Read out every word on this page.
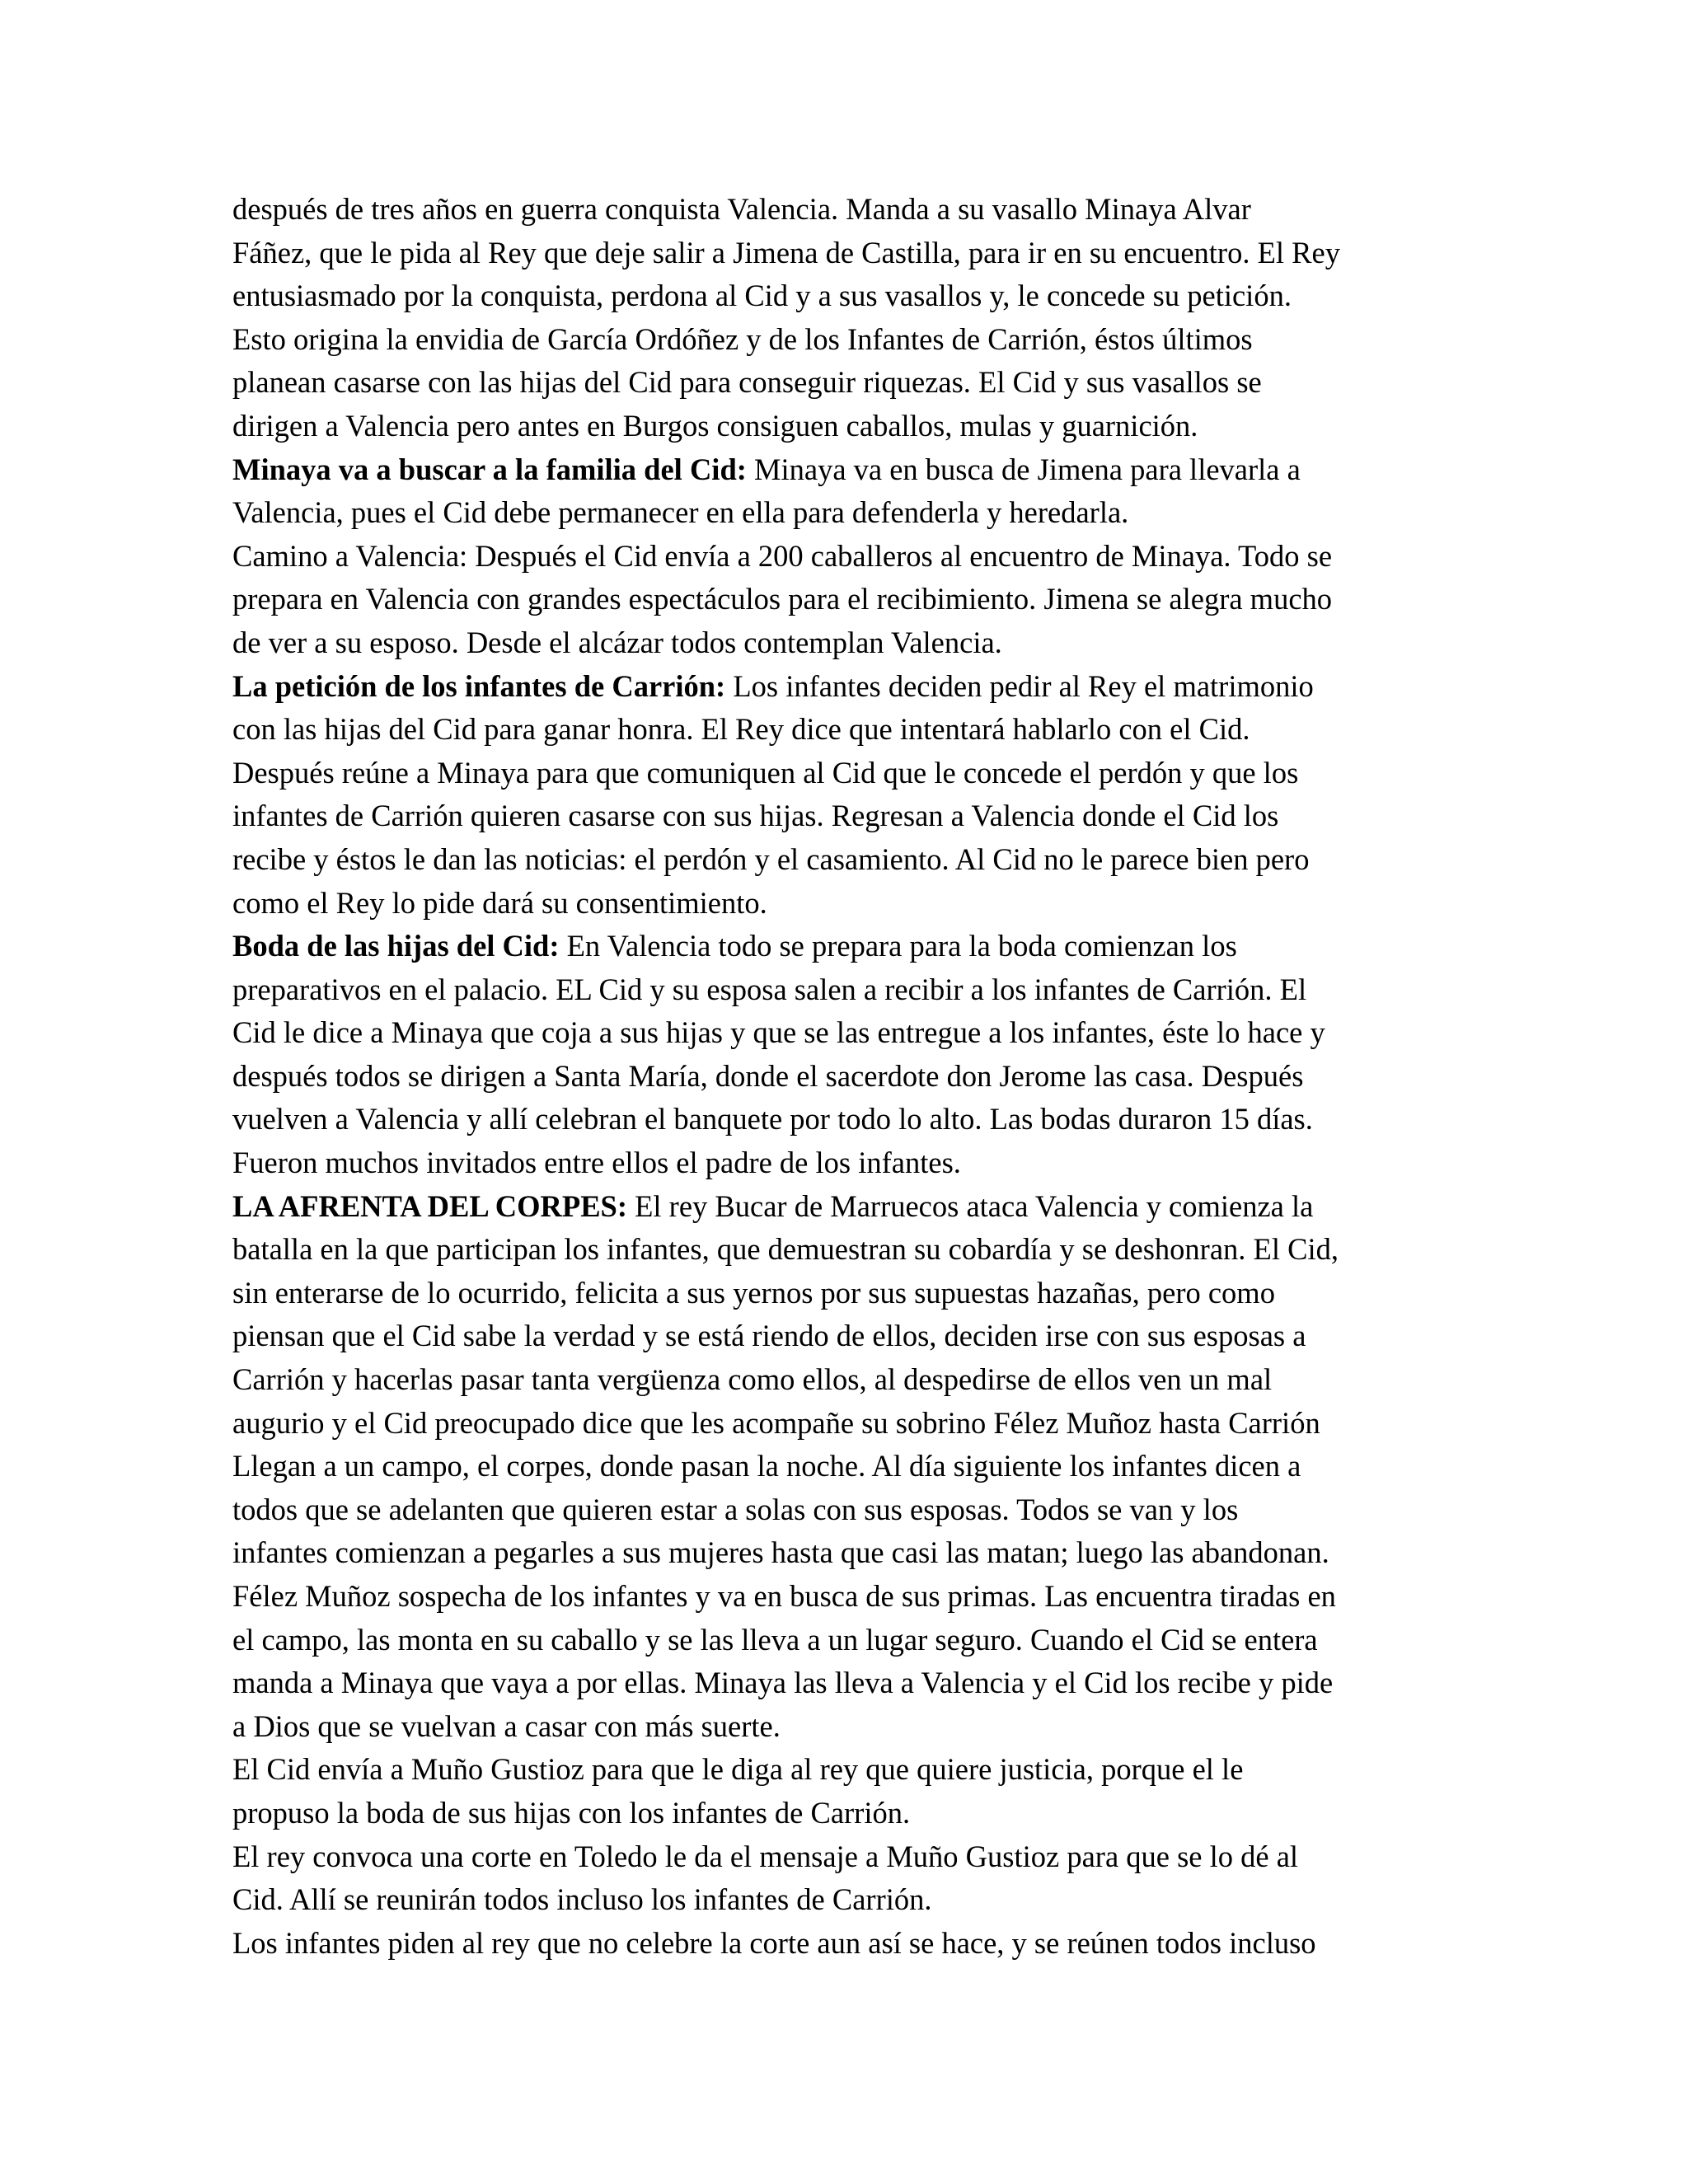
después de tres años en guerra conquista Valencia. Manda a su vasallo Minaya Alvar
Fáñez, que le pida al Rey que deje salir a Jimena de Castilla, para ir en su encuentro. El Rey
entusiasmado por la conquista, perdona al Cid y a sus vasallos y, le concede su petición.
Esto origina la envidia de García Ordóñez y de los Infantes de Carrión, éstos últimos
planean casarse con las hijas del Cid para conseguir riquezas. El Cid y sus vasallos se
dirigen a Valencia pero antes en Burgos consiguen caballos, mulas y guarnición.
Minaya va a buscar a la familia del Cid: Minaya va en busca de Jimena para llevarla a
Valencia, pues el Cid debe permanecer en ella para defenderla y heredarla.
Camino a Valencia: Después el Cid envía a 200 caballeros al encuentro de Minaya. Todo se
prepara en Valencia con grandes espectáculos para el recibimiento. Jimena se alegra mucho
de ver a su esposo. Desde el alcázar todos contemplan Valencia.
La petición de los infantes de Carrión: Los infantes deciden pedir al Rey el matrimonio
con las hijas del Cid para ganar honra. El Rey dice que intentará hablarlo con el Cid.
Después reúne a Minaya para que comuniquen al Cid que le concede el perdón y que los
infantes de Carrión quieren casarse con sus hijas. Regresan a Valencia donde el Cid los
recibe y éstos le dan las noticias: el perdón y el casamiento. Al Cid no le parece bien pero
como el Rey lo pide dará su consentimiento.
Boda de las hijas del Cid: En Valencia todo se prepara para la boda comienzan los
preparativos en el palacio. EL Cid y su esposa salen a recibir a los infantes de Carrión. El
Cid le dice a Minaya que coja a sus hijas y que se las entregue a los infantes, éste lo hace y
después todos se dirigen a Santa María, donde el sacerdote don Jerome las casa. Después
vuelven a Valencia y allí celebran el banquete por todo lo alto. Las bodas duraron 15 días.
Fueron muchos invitados entre ellos el padre de los infantes.
LA AFRENTA DEL CORPES: El rey Bucar de Marruecos ataca Valencia y comienza la
batalla en la que participan los infantes, que demuestran su cobardía y se deshonran. El Cid,
sin enterarse de lo ocurrido, felicita a sus yernos por sus supuestas hazañas, pero como
piensan que el Cid sabe la verdad y se está riendo de ellos, deciden irse con sus esposas a
Carrión y hacerlas pasar tanta vergüenza como ellos, al despedirse de ellos ven un mal
augurio y el Cid preocupado dice que les acompañe su sobrino Félez Muñoz hasta Carrión
Llegan a un campo, el corpes, donde pasan la noche. Al día siguiente los infantes dicen a
todos que se adelanten que quieren estar a solas con sus esposas. Todos se van y los
infantes comienzan a pegarles a sus mujeres hasta que casi las matan; luego las abandonan.
Félez Muñoz sospecha de los infantes y va en busca de sus primas. Las encuentra tiradas en
el campo, las monta en su caballo y se las lleva a un lugar seguro. Cuando el Cid se entera
manda a Minaya que vaya a por ellas. Minaya las lleva a Valencia y el Cid los recibe y pide
a Dios que se vuelvan a casar con más suerte.
El Cid envía a Muño Gustioz para que le diga al rey que quiere justicia, porque el le
propuso la boda de sus hijas con los infantes de Carrión.
El rey convoca una corte en Toledo le da el mensaje a Muño Gustioz para que se lo dé al
Cid. Allí se reunirán todos incluso los infantes de Carrión.
Los infantes piden al rey que no celebre la corte aun así se hace, y se reúnen todos incluso
